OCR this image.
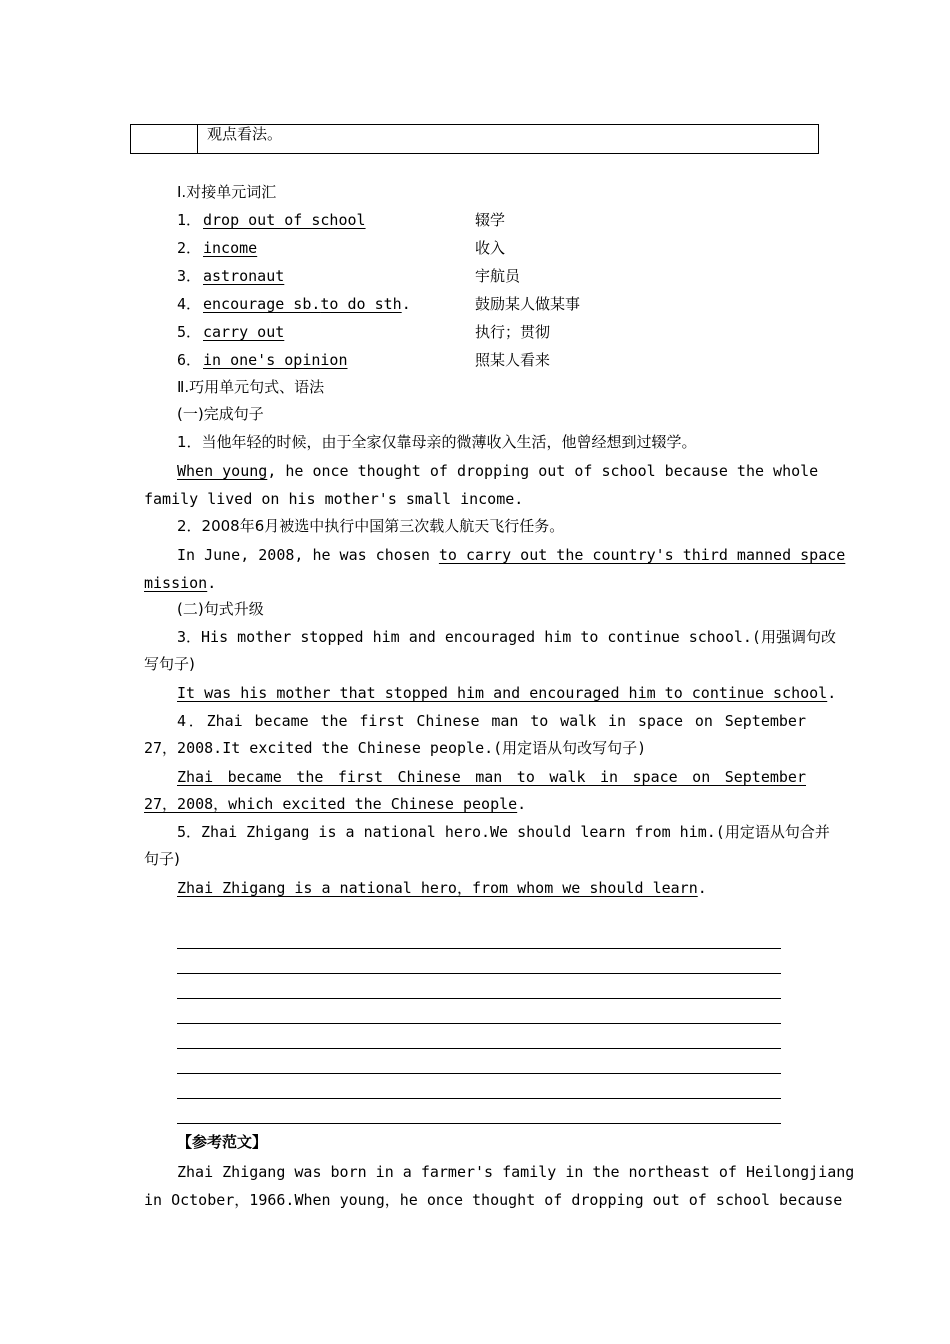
观点看法。
Ⅰ.对接单元词汇
1． drop out of school	辍学
2． income	收入
3． astronaut	宇航员
4． encourage sb.to do sth.	鼓励某人做某事
5． carry out	执行；贯彻
6． in one's opinion	照某人看来
Ⅱ.巧用单元句式、语法
(一)完成句子
1．当他年轻的时候，由于全家仅靠母亲的微薄收入生活，他曾经想到过辍学。
When young, he once thought of dropping out of school because the whole
family lived on his mother's small income.
2．2008年6月被选中执行中国第三次载人航天飞行任务。
In June, 2008, he was chosen to carry out the country's third manned space
mission.
(二)句式升级
3．His mother stopped him and encouraged him to continue school.(用强调句改
写句子)
It was his mother that stopped him and encouraged him to continue school.
4．Zhai became the first Chinese man to walk in space on September
27，2008.It excited the Chinese people.(用定语从句改写句子)
Zhai became the first Chinese man to walk in space on September
27，2008，which excited the Chinese people.
5．Zhai Zhigang is a national hero.We should learn from him.(用定语从句合并
句子)
Zhai Zhigang is a national hero，from whom we should learn.
【参考范文】
Zhai Zhigang was born in a farmer's family in the northeast of Heilongjiang
in October，1966.When young，he once thought of dropping out of school because
